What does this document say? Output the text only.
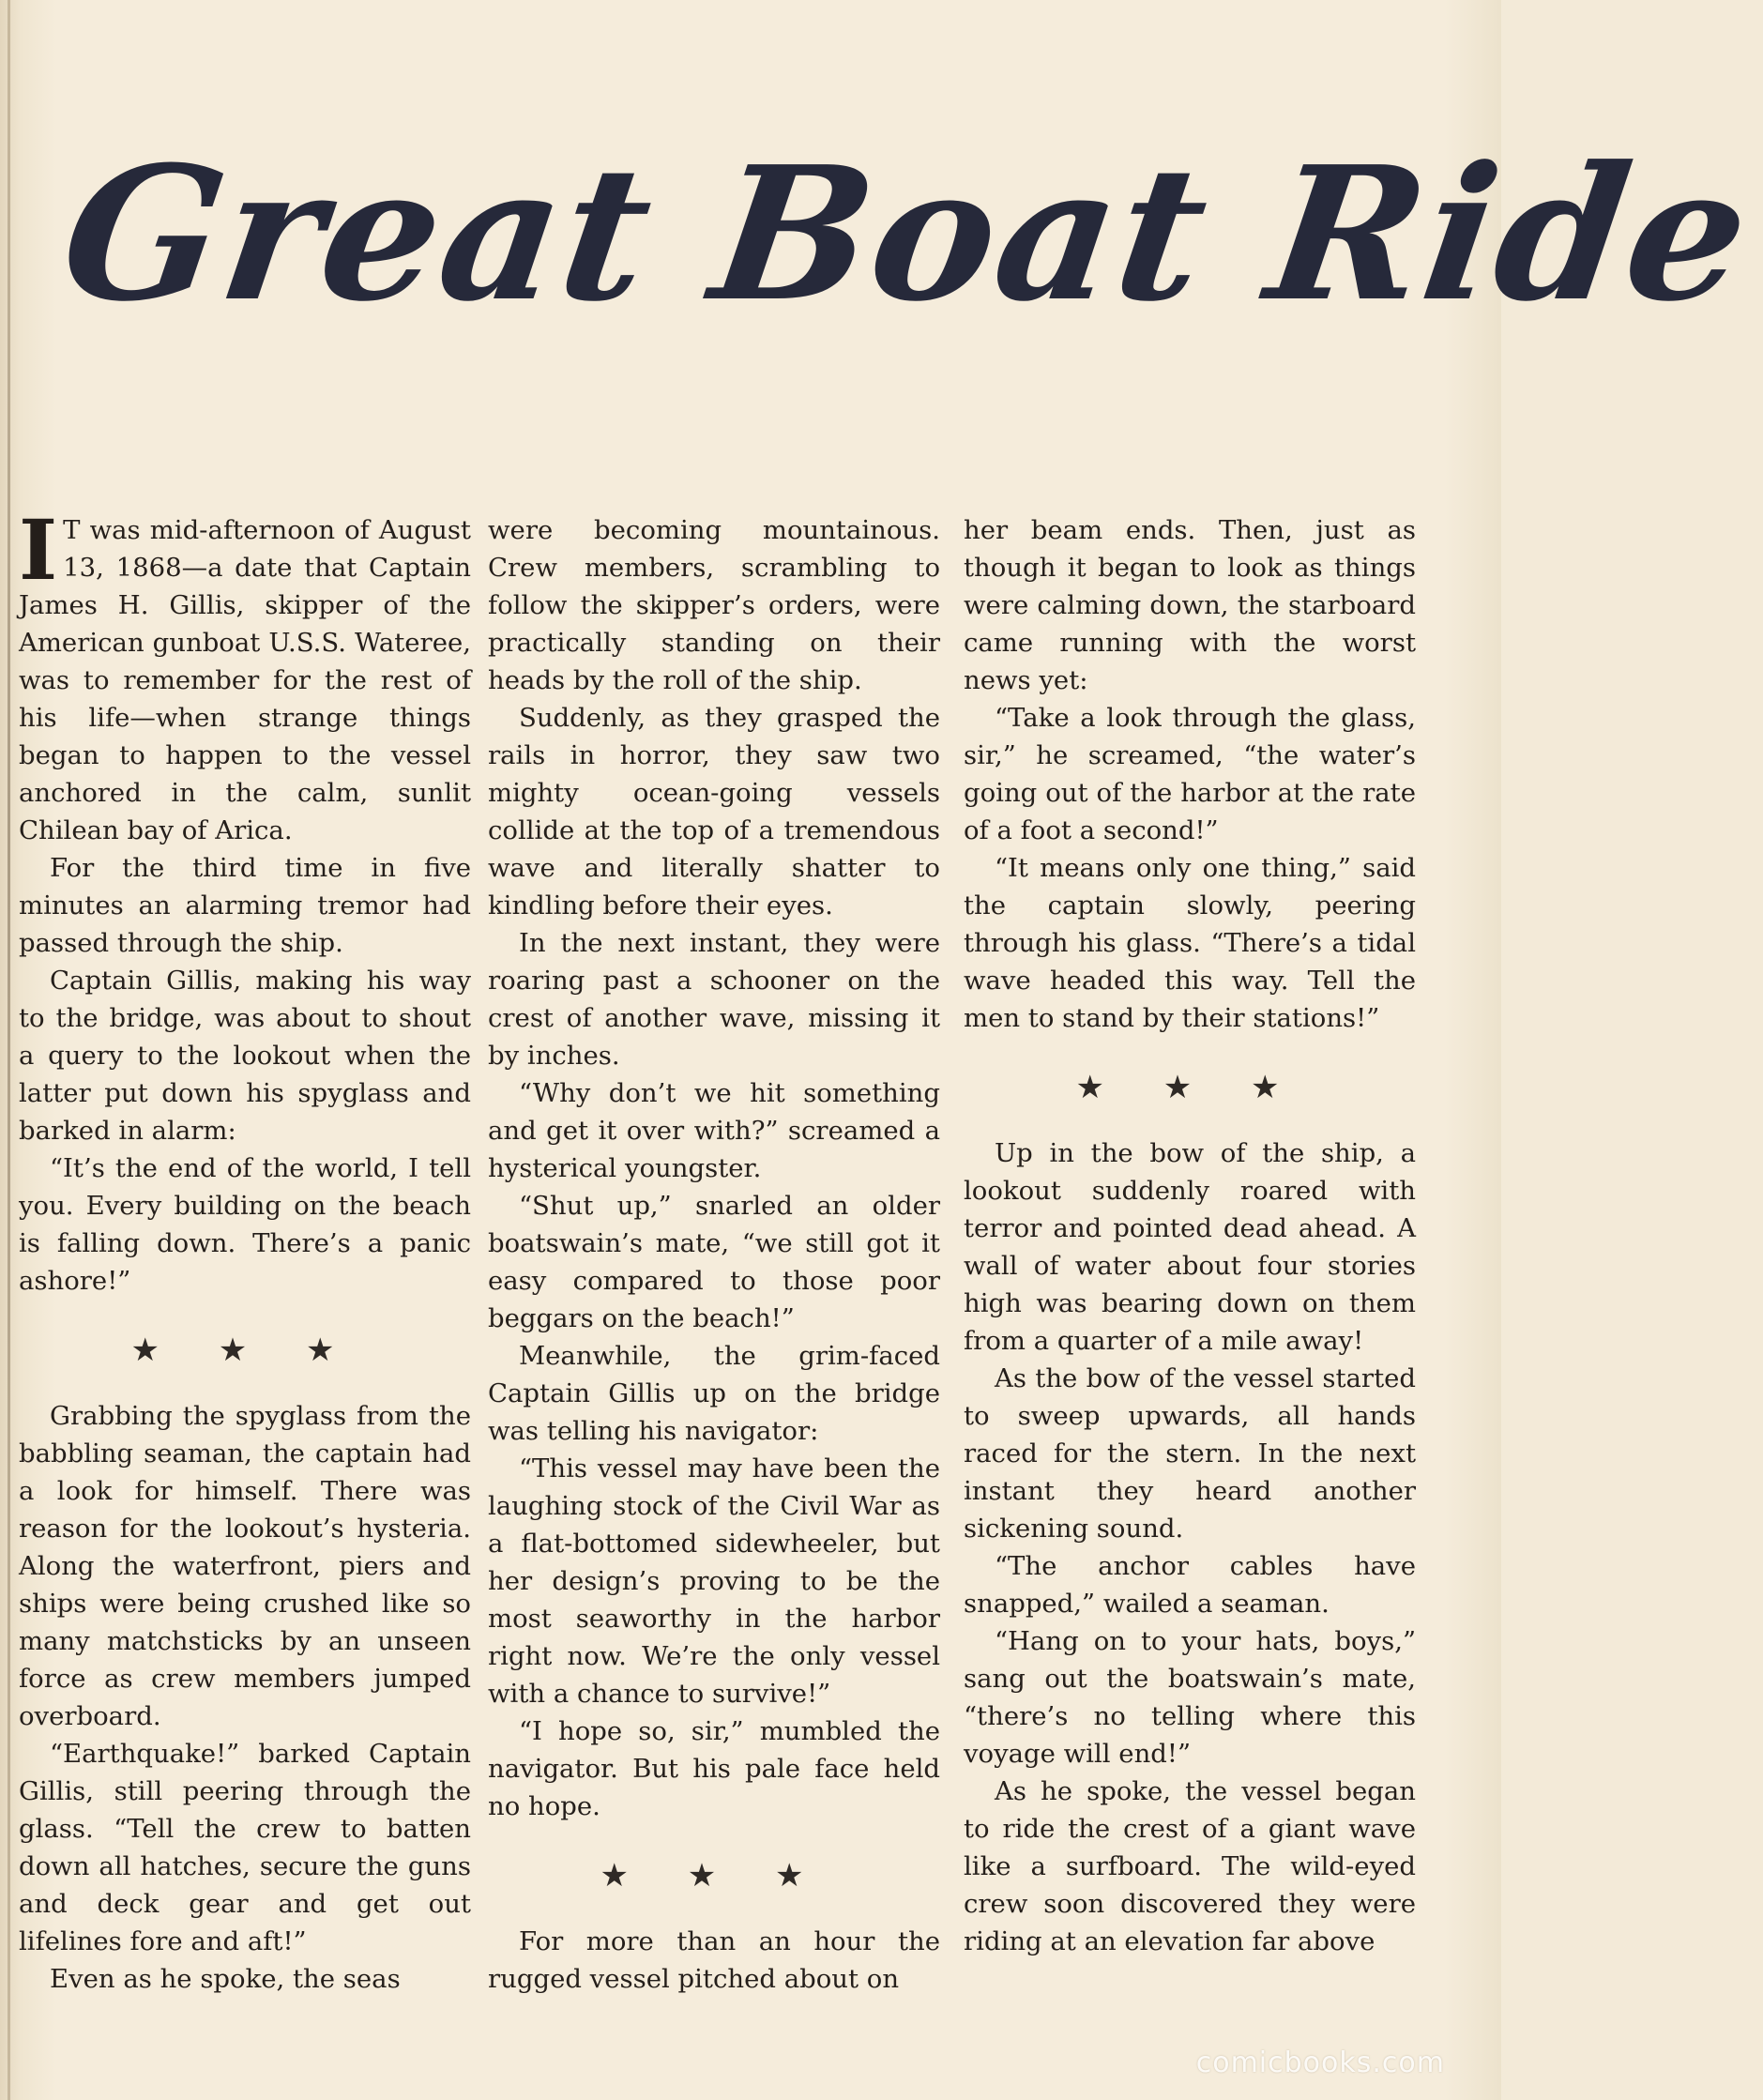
Great Boat Ride

I T was mid-afternoon of August 13, 1868—a date that Captain James H. Gillis, skipper of the American gunboat U.S.S. Wateree, was to remember for the rest of his life—when strange things began to happen to the vessel anchored in the calm, sunlit Chilean bay of Arica.

For the third time in five minutes an alarming tremor had passed through the ship.

Captain Gillis, making his way to the bridge, was about to shout a query to the lookout when the latter put down his spyglass and barked in alarm:

“It’s the end of the world, I tell you. Every building on the beach is falling down. There’s a panic ashore!”

★ ★ ★

Grabbing the spyglass from the babbling seaman, the captain had a look for himself. There was reason for the lookout’s hysteria. Along the waterfront, piers and ships were being crushed like so many matchsticks by an unseen force as crew members jumped overboard.

“Earthquake!” barked Captain Gillis, still peering through the glass. “Tell the crew to batten down all hatches, secure the guns and deck gear and get out lifelines fore and aft!”

Even as he spoke, the seas

were becoming mountainous. Crew members, scrambling to follow the skipper’s orders, were practically standing on their heads by the roll of the ship.

Suddenly, as they grasped the rails in horror, they saw two mighty ocean-going vessels collide at the top of a tremendous wave and literally shatter to kindling before their eyes.

In the next instant, they were roaring past a schooner on the crest of another wave, missing it by inches.

“Why don’t we hit something and get it over with?” screamed a hysterical youngster.

“Shut up,” snarled an older boatswain’s mate, “we still got it easy compared to those poor beggars on the beach!”

Meanwhile, the grim-faced Captain Gillis up on the bridge was telling his navigator:

“This vessel may have been the laughing stock of the Civil War as a flat-bottomed sidewheeler, but her design’s proving to be the most seaworthy in the harbor right now. We’re the only vessel with a chance to survive!”

“I hope so, sir,” mumbled the navigator. But his pale face held no hope.

★ ★ ★

For more than an hour the rugged vessel pitched about on

her beam ends. Then, just as though it began to look as things were calming down, the starboard came running with the worst news yet:

“Take a look through the glass, sir,” he screamed, “the water’s going out of the harbor at the rate of a foot a second!”

“It means only one thing,” said the captain slowly, peering through his glass. “There’s a tidal wave headed this way. Tell the men to stand by their stations!”

★ ★ ★

Up in the bow of the ship, a lookout suddenly roared with terror and pointed dead ahead. A wall of water about four stories high was bearing down on them from a quarter of a mile away!

As the bow of the vessel started to sweep upwards, all hands raced for the stern. In the next instant they heard another sickening sound.

“The anchor cables have snapped,” wailed a seaman.

“Hang on to your hats, boys,” sang out the boatswain’s mate, “there’s no telling where this voyage will end!”

As he spoke, the vessel began to ride the crest of a giant wave like a surfboard. The wild-eyed crew soon discovered they were riding at an elevation far above

comicbooks.com
